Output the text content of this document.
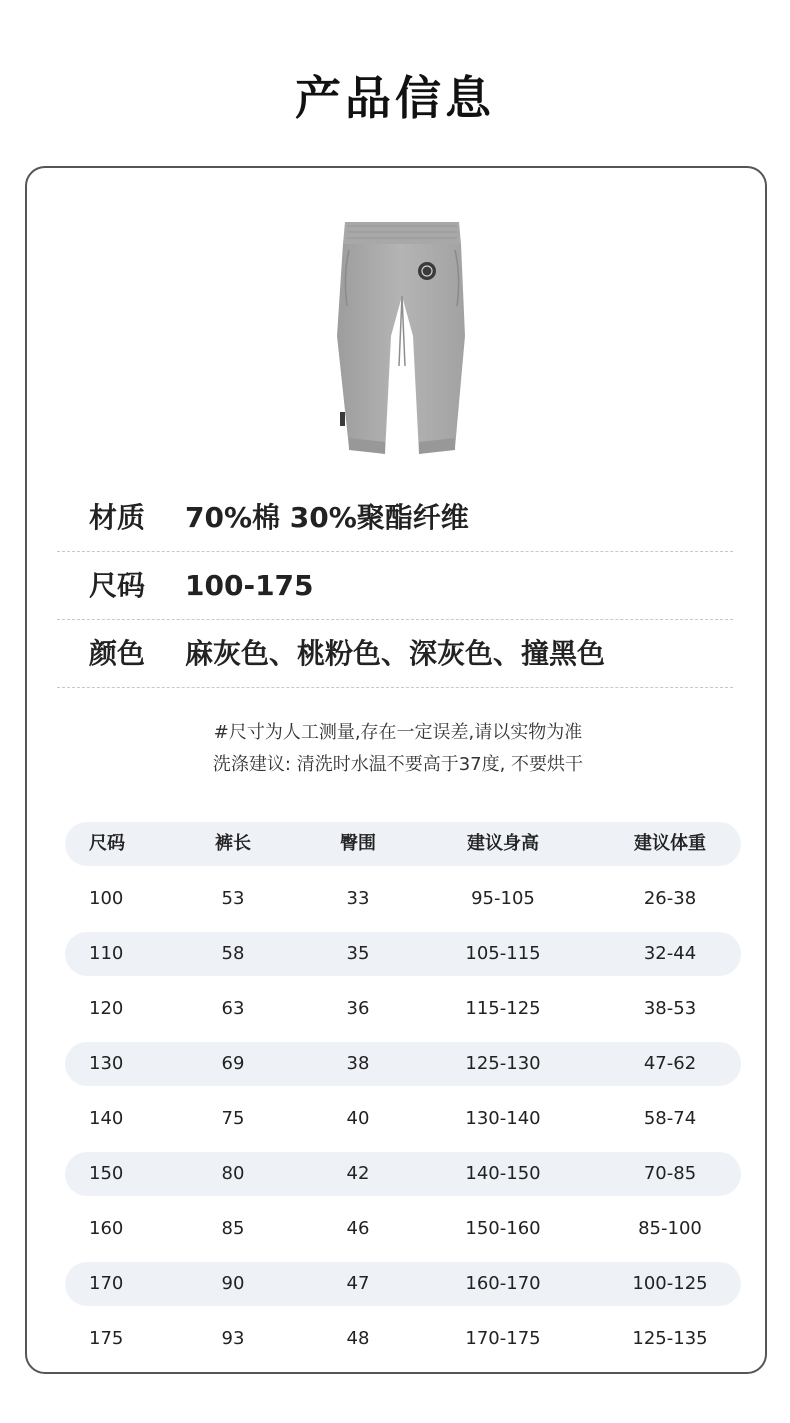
产品信息
材质 70%棉 30%聚酯纤维
尺码 100-175
颜色 麻灰色、桃粉色、深灰色、撞黑色
#尺寸为人工测量,存在一定误差,请以实物为准
洗涤建议: 清洗时水温不要高于37度, 不要烘干
尺码	裤长	臀围	建议身高	建议体重
100	53	33	95-105	26-38
110	58	35	105-115	32-44
120	63	36	115-125	38-53
130	69	38	125-130	47-62
140	75	40	130-140	58-74
150	80	42	140-150	70-85
160	85	46	150-160	85-100
170	90	47	160-170	100-125
175	93	48	170-175	125-135
